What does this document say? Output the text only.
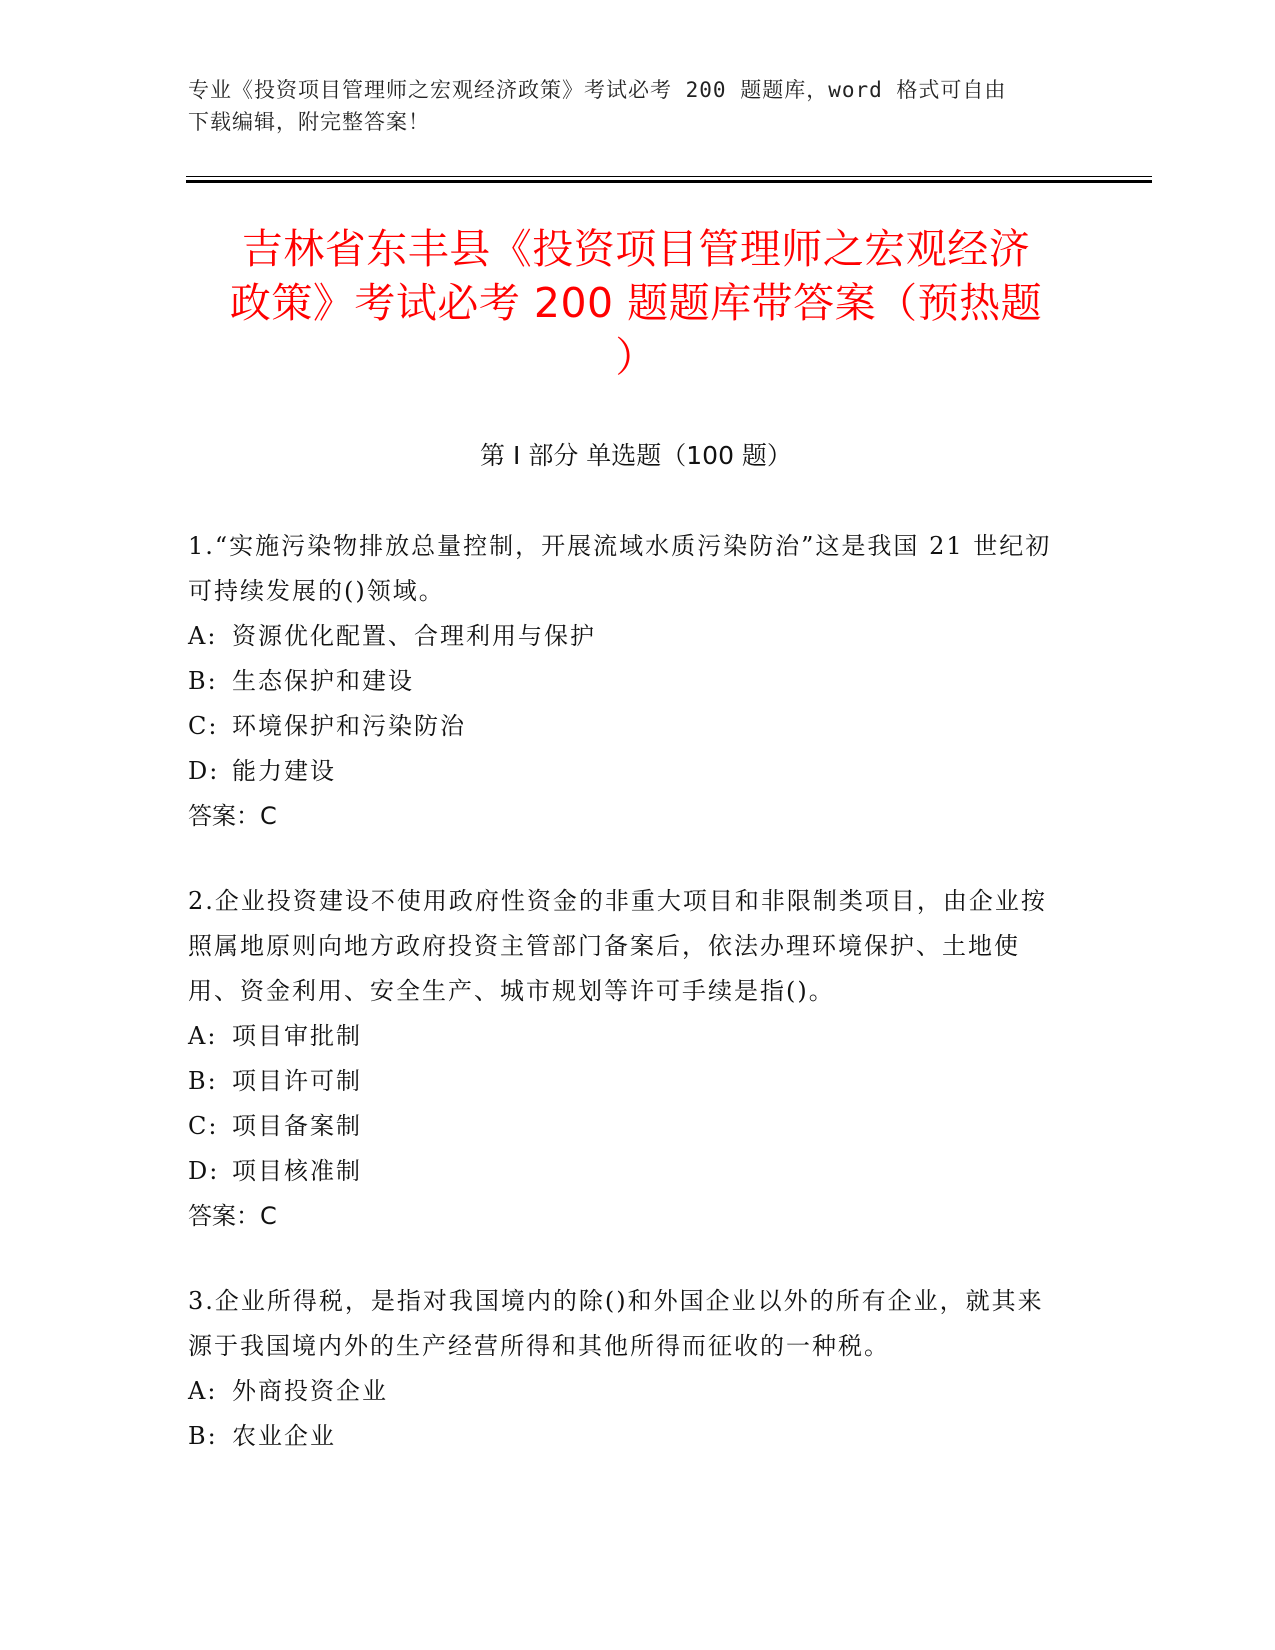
专业《投资项目管理师之宏观经济政策》考试必考 200 题题库，word 格式可自由
下载编辑，附完整答案！
吉林省东丰县《投资项目管理师之宏观经济
政策》考试必考 200 题题库带答案（预热题
）
第 I 部分 单选题（100 题）
1.“实施污染物排放总量控制，开展流域水质污染防治”这是我国 21 世纪初可持续发展的()领域。
A: 资源优化配置、合理利用与保护
B: 生态保护和建设
C: 环境保护和污染防治
D: 能力建设
答案：C
2.企业投资建设不使用政府性资金的非重大项目和非限制类项目，由企业按照属地原则向地方政府投资主管部门备案后，依法办理环境保护、土地使用、资金利用、安全生产、城市规划等许可手续是指()。
A: 项目审批制
B: 项目许可制
C: 项目备案制
D: 项目核准制
答案：C
3.企业所得税，是指对我国境内的除()和外国企业以外的所有企业，就其来源于我国境内外的生产经营所得和其他所得而征收的一种税。
A: 外商投资企业
B: 农业企业
